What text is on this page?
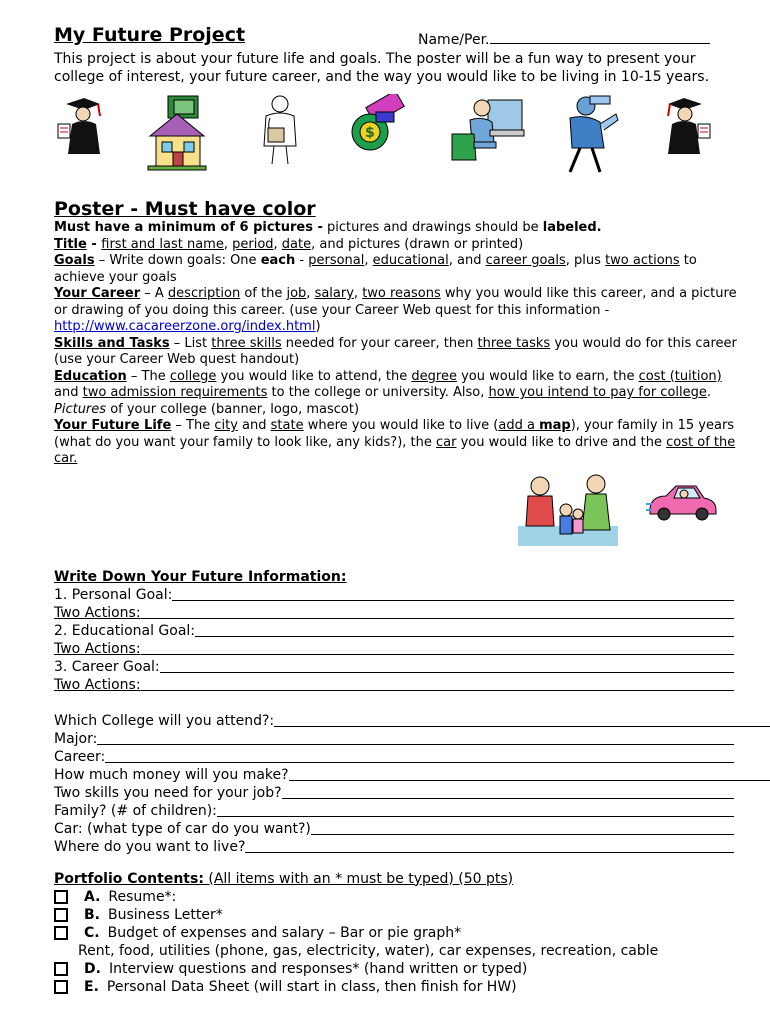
My Future Project	Name/Per.

This project is about your future life and goals. The poster will be a fun way to present your college of interest, your future career, and the way you would like to be living in 10-15 years.

$
Poster - Must have color

Must have a minimum of 6 pictures - pictures and drawings should be labeled.

Title - first and last name, period, date, and pictures (drawn or printed)

Goals – Write down goals: One each - personal, educational, and career goals, plus two actions to achieve your goals

Your Career – A description of the job, salary, two reasons why you would like this career, and a picture or drawing of you doing this career. (use your Career Web quest for this information - http://www.cacareerzone.org/index.html)

Skills and Tasks – List three skills needed for your career, then three tasks you would do for this career (use your Career Web quest handout)

Education – The college you would like to attend, the degree you would like to earn, the cost (tuition) and two admission requirements to the college or university. Also, how you intend to pay for college. Pictures of your college (banner, logo, mascot)

Your Future Life – The city and state where you would like to live (add a map), your family in 15 years (what do you want your family to look like, any kids?), the car you would like to drive and the cost of the car.

Write Down Your Future Information:
1. Personal Goal:
Two Actions:
2. Educational Goal:
Two Actions:
3. Career Goal:
Two Actions:
Which College will you attend?:
Major:
Career:
How much money will you make?
Two skills you need for your job?
Family? (# of children):
Car: (what type of car do you want?)
Where do you want to live?
Portfolio Contents: (All items with an * must be typed) (50 pts)
A. Resume*:
B. Business Letter*
C. Budget of expenses and salary – Bar or pie graph*
Rent, food, utilities (phone, gas, electricity, water), car expenses, recreation, cable
D. Interview questions and responses* (hand written or typed)
E. Personal Data Sheet (will start in class, then finish for HW)
